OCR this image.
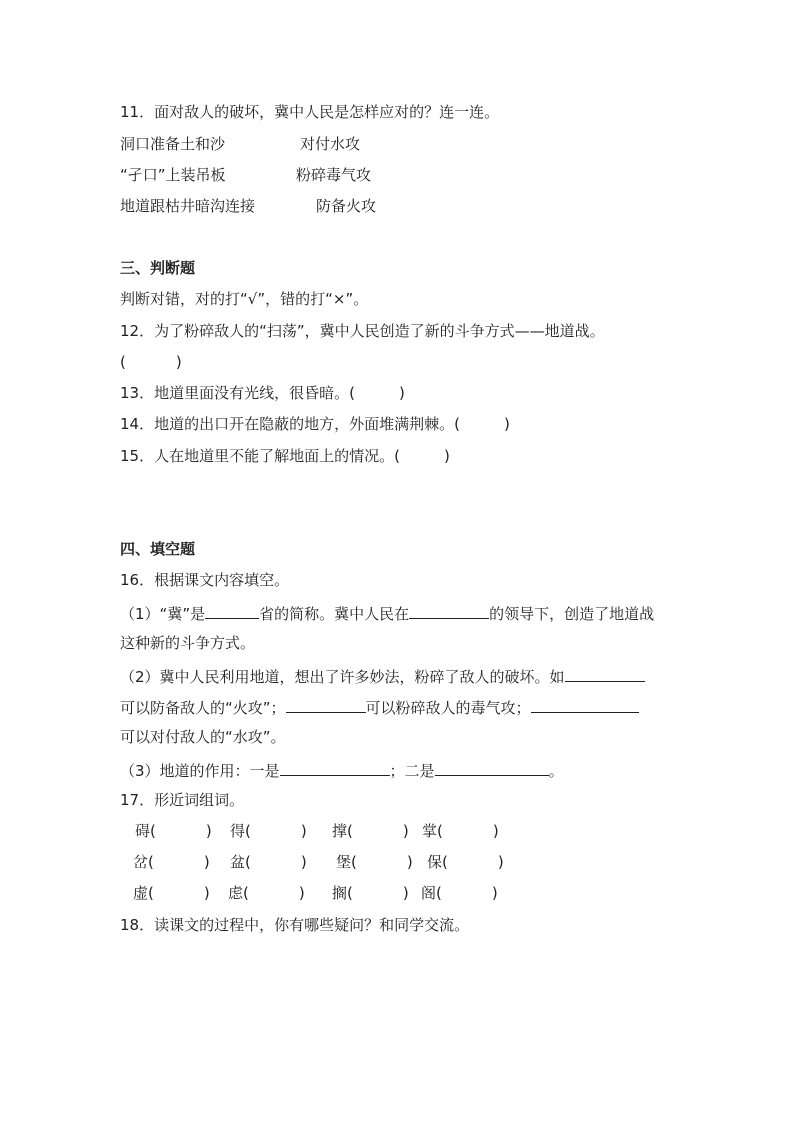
11．面对敌人的破坏，冀中人民是怎样应对的？连一连。
洞口准备土和沙	对付水攻
“孑口”上装吊板	粉碎毒气攻
地道跟枯井暗沟连接	防备火攻
三、判断题
判断对错，对的打“√”，错的打“×”。
12．为了粉碎敌人的“扫荡”，冀中人民创造了新的斗争方式——地道战。
(	)
13．地道里面没有光线，很昏暗。(	)
14．地道的出口开在隐蔽的地方，外面堆满荆棘。(	)
15．人在地道里不能了解地面上的情况。(	)
四、填空题
16．根据课文内容填空。
（1）“冀”是	省的简称。冀中人民在	的领导下，创造了地道战
这种新的斗争方式。
（2）冀中人民利用地道，想出了许多妙法，粉碎了敌人的破坏。如
可以防备敌人的“火攻”；	可以粉碎敌人的毒气攻；
可以对付敌人的“水攻”。
（3）地道的作用：一是	；二是	。
17．形近词组词。
碍(	) 得(	) 撑(	) 掌(	)
岔(	) 盆(	) 堡(	) 保(	)
虚(	) 虑(	) 搁(	) 阁(	)
18．读课文的过程中，你有哪些疑问？和同学交流。
